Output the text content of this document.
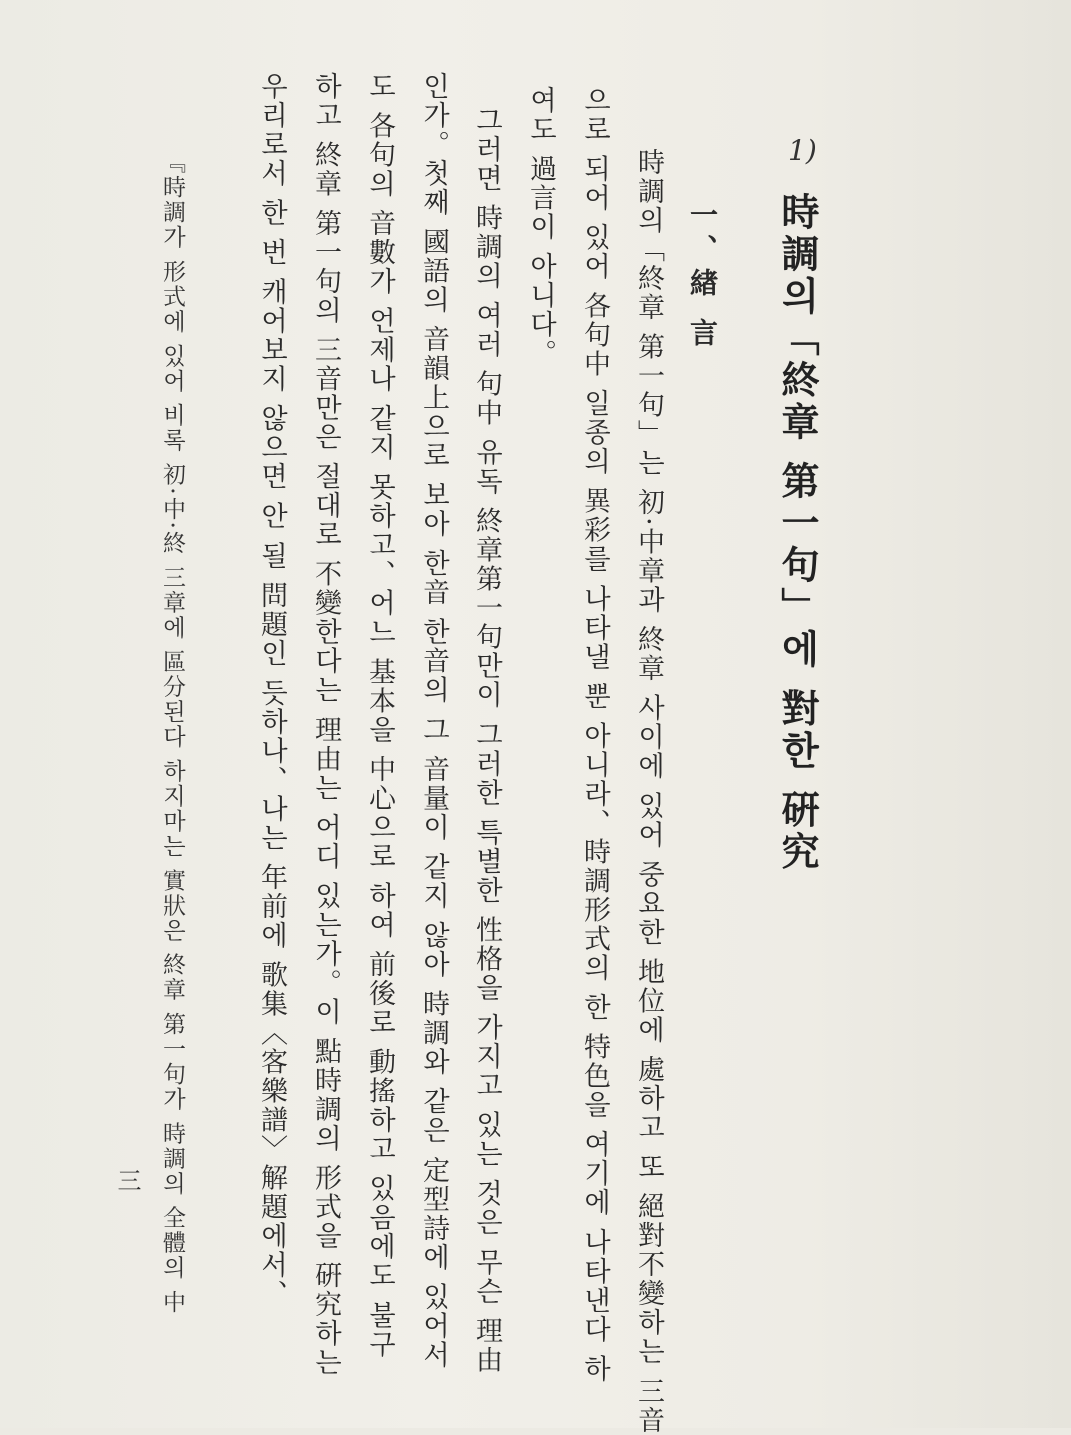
1)
時調의「終章 第一句」에 對한 硏究
一、緖 言
時調의「終章 第一句」는 初·中章과 終章 사이에 있어 중요한 地位에 處하고 또 絕對不變하는 三音
으로 되어 있어 各句中 일종의 異彩를 나타낼 뿐 아니라、時調形式의 한 特色을 여기에 나타낸다 하
여도 過言이 아니다。
그러면 時調의 여러 句中 유독 終章第一句만이 그러한 특별한 性格을 가지고 있는 것은 무슨 理由
인가。첫째 國語의 音韻上으로 보아 한音 한音의 그 音量이 같지 않아 時調와 같은 定型詩에 있어서
도 各句의 音數가 언제나 같지 못하고、어느 基本을 中心으로 하여 前後로 動搖하고 있음에도 불구
하고 終章 第一句의 三音만은 절대로 不變한다는 理由는 어디 있는가。이 點時調의 形式을 硏究하는
우리로서 한 번 캐어보지 않으면 안 될 問題인 듯하나、나는 年前에 歌集〈客樂譜〉解題에서、
『時調가 形式에 있어 비록 初·中·終 三章에 區分된다 하지마는 實狀은 終章 第一句가 時調의 全體의 中
三
